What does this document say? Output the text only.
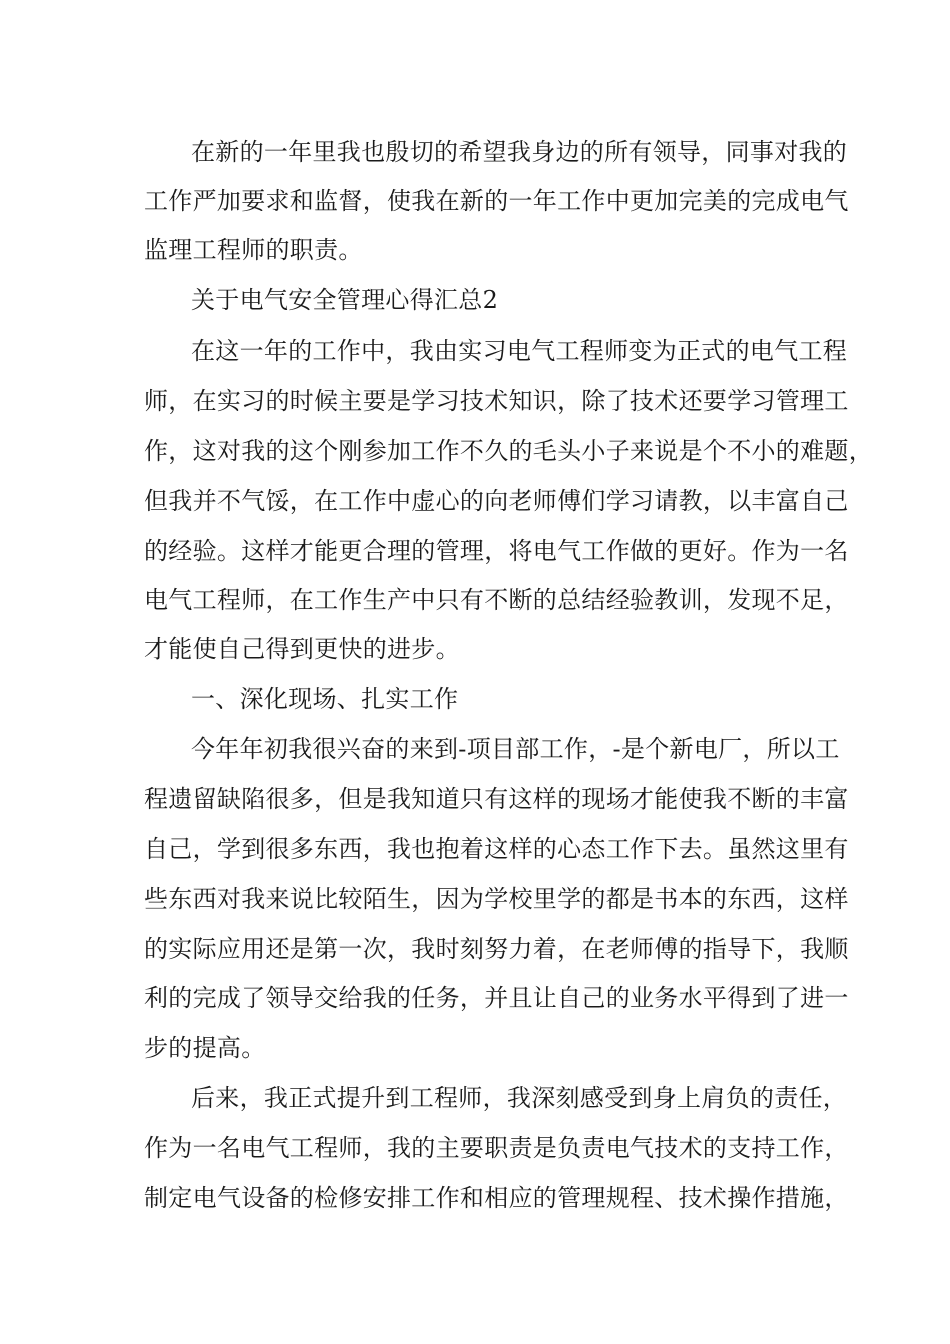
在新的一年里我也殷切的希望我身边的所有领导，同事对我的
工作严加要求和监督，使我在新的一年工作中更加完美的完成电气
监理工程师的职责。
关于电气安全管理心得汇总2
在这一年的工作中，我由实习电气工程师变为正式的电气工程
师，在实习的时候主要是学习技术知识，除了技术还要学习管理工
作，这对我的这个刚参加工作不久的毛头小子来说是个不小的难题，
但我并不气馁，在工作中虚心的向老师傅们学习请教，以丰富自己
的经验。这样才能更合理的管理，将电气工作做的更好。作为一名
电气工程师，在工作生产中只有不断的总结经验教训，发现不足，
才能使自己得到更快的进步。
一、深化现场、扎实工作
今年年初我很兴奋的来到-项目部工作，-是个新电厂，所以工
程遗留缺陷很多，但是我知道只有这样的现场才能使我不断的丰富
自己，学到很多东西，我也抱着这样的心态工作下去。虽然这里有
些东西对我来说比较陌生，因为学校里学的都是书本的东西，这样
的实际应用还是第一次，我时刻努力着，在老师傅的指导下，我顺
利的完成了领导交给我的任务，并且让自己的业务水平得到了进一
步的提高。
后来，我正式提升到工程师，我深刻感受到身上肩负的责任，
作为一名电气工程师，我的主要职责是负责电气技术的支持工作，
制定电气设备的检修安排工作和相应的管理规程、技术操作措施，
